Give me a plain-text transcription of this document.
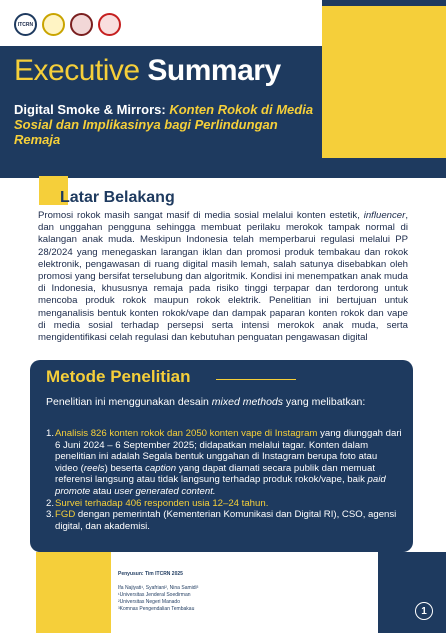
ITCRN
Executive Summary
Digital Smoke & Mirrors: Konten Rokok di Media Sosial dan Implikasinya bagi Perlindungan Remaja
Latar Belakang
Promosi rokok masih sangat masif di media sosial melalui konten estetik, influencer, dan unggahan pengguna sehingga membuat perilaku merokok tampak normal di kalangan anak muda. Meskipun Indonesia telah memperbarui regulasi melalui PP 28/2024 yang menegaskan larangan iklan dan promosi produk tembakau dan rokok elektronik, pengawasan di ruang digital masih lemah, salah satunya disebabkan oleh promosi yang bersifat terselubung dan algoritmik. Kondisi ini menempatkan anak muda di Indonesia, khususnya remaja pada risiko tinggi terpapar dan terdorong untuk mencoba produk rokok maupun rokok elektrik. Penelitian ini bertujuan untuk menganalisis bentuk konten rokok/vape dan dampak paparan konten rokok dan vape di media sosial terhadap persepsi serta intensi merokok anak muda, serta mengidentifikasi celah regulasi dan kebutuhan penguatan pengawasan digital
Metode Penelitian
Penelitian ini menggunakan desain mixed methods yang melibatkan:
1. Analisis 826 konten rokok dan 2050 konten vape di Instagram yang diunggah dari 6 Juni 2024 – 6 September 2025; didapatkan melalui tagar. Konten dalam penelitian ini adalah Segala bentuk unggahan di Instagram berupa foto atau video (reels) beserta caption yang dapat diamati secara publik dan memuat referensi langsung atau tidak langsung terhadap produk rokok/vape, baik paid promote atau user generated content.
2. Survei terhadap 406 responden usia 12–24 tahun.
3. FGD dengan pemerintah (Kementerian Komunikasi dan Digital RI), CSO, agensi digital, dan akademisi.
Penyusun: Tim ITCRN 2025
Ifa Najiyati¹, Syafriani², Nina Samidi³
¹Universitas Jenderal Soedirman
²Universitas Negeri Manado
³Komnas Pengendalian Tembakau	1
